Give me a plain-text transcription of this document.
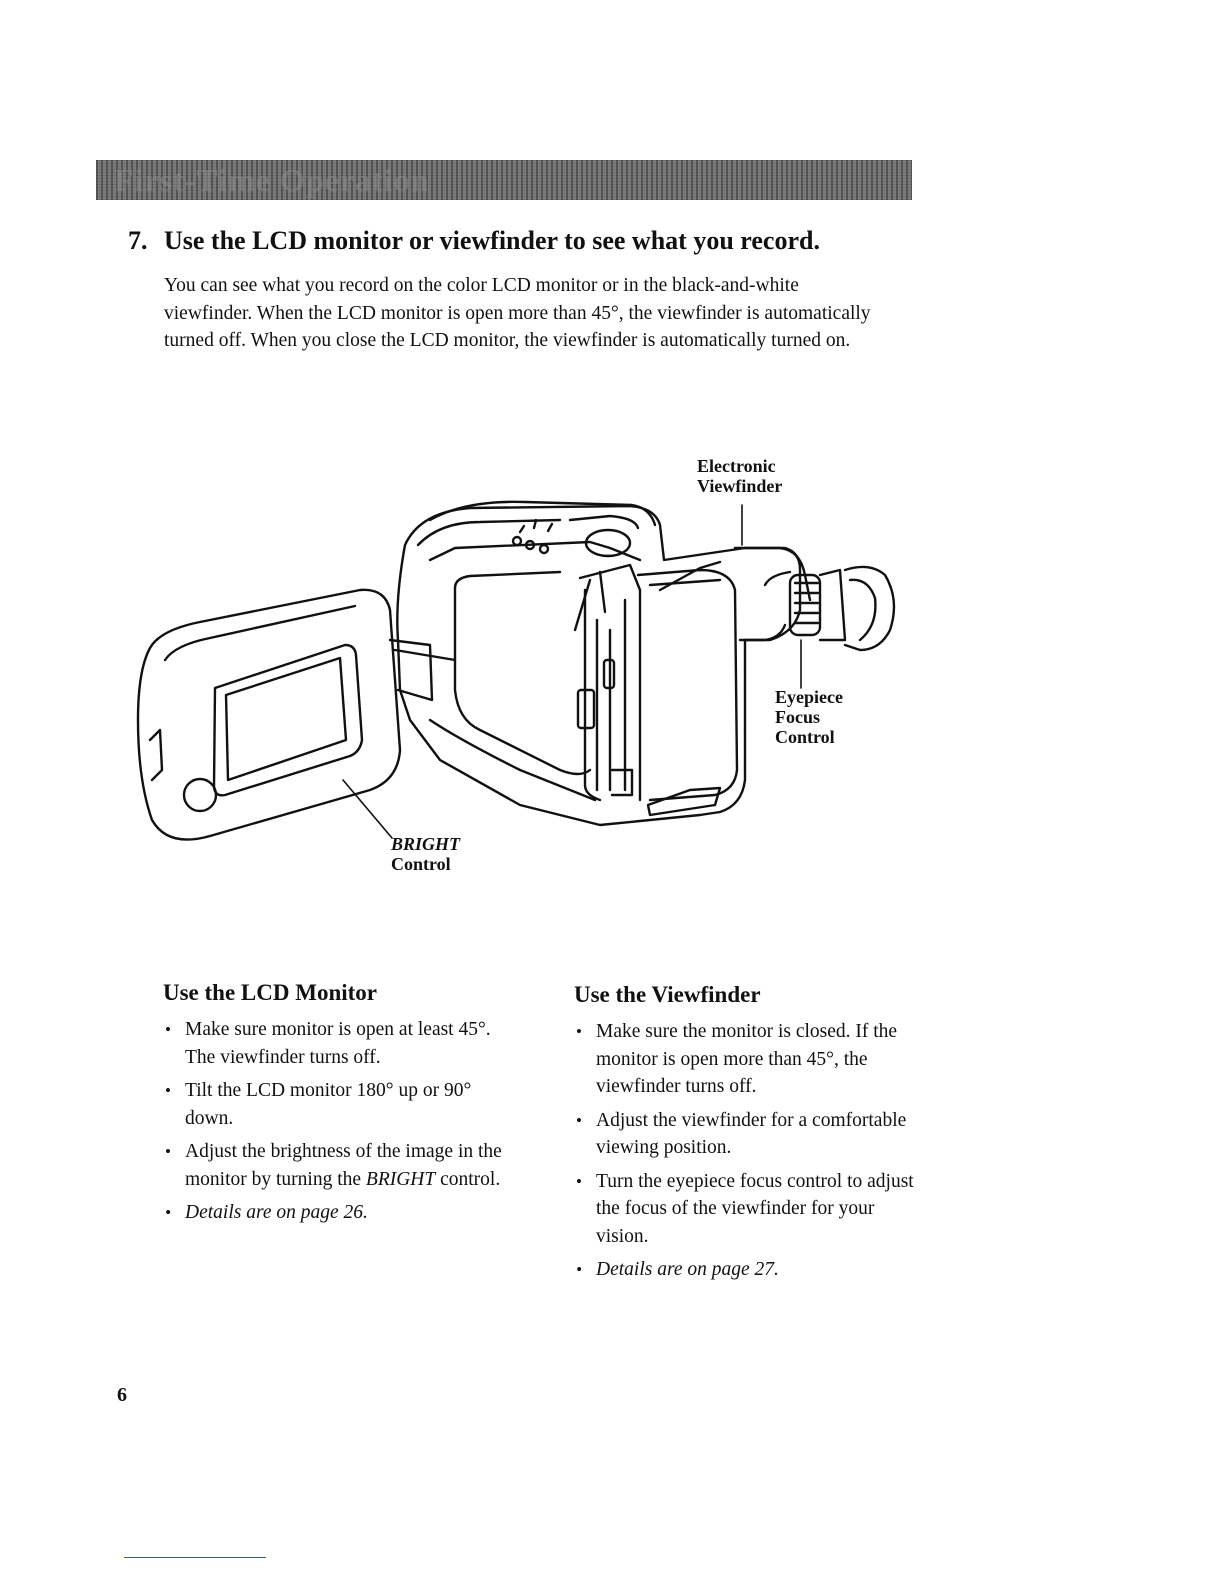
First-Time Operation
7. Use the LCD monitor or viewfinder to see what you record.

You can see what you record on the color LCD monitor or in the black-and-white viewfinder. When the LCD monitor is open more than 45°, the viewfinder is automatically turned off. When you close the LCD monitor, the viewfinder is automatically turned on.

Electronic
Viewfinder

Eyepiece
Focus
Control

BRIGHT
Control

Use the LCD Monitor
• Make sure monitor is open at least 45°. The viewfinder turns off.
• Tilt the LCD monitor 180° up or 90° down.
• Adjust the brightness of the image in the monitor by turning the BRIGHT control.
• Details are on page 26.
Use the Viewfinder
• Make sure the monitor is closed. If the monitor is open more than 45°, the viewfinder turns off.
• Adjust the viewfinder for a comfortable viewing position.
• Turn the eyepiece focus control to adjust the focus of the viewfinder for your vision.
• Details are on page 27.
6
